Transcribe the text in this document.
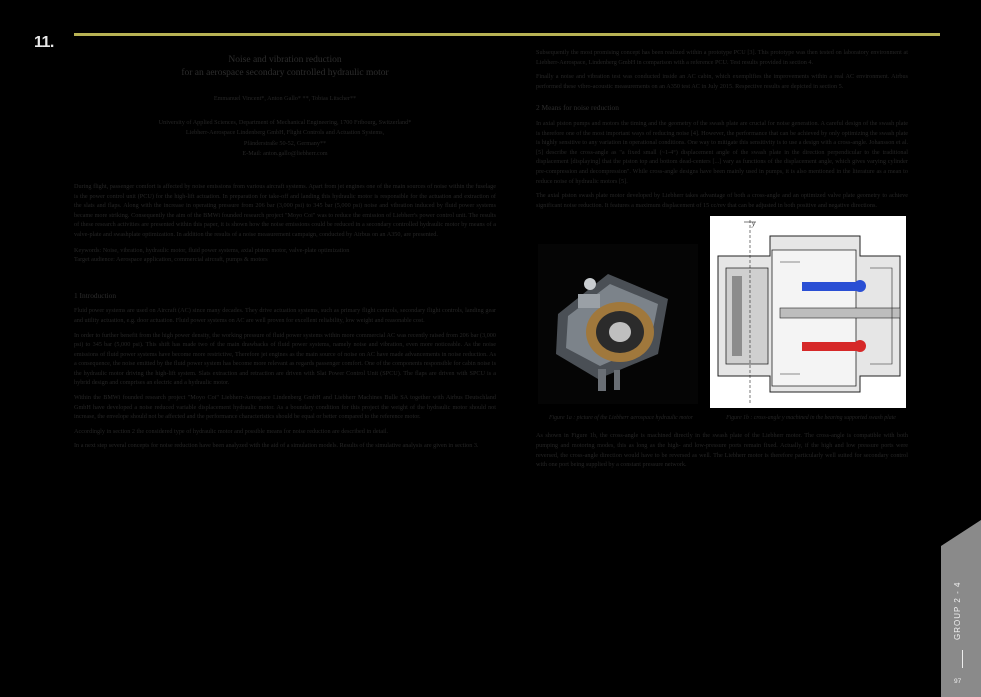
11.
Noise and vibration reduction
for an aerospace secondary controlled hydraulic motor
Emmanuel Vincent*, Anton Gallo* **, Tobias Litscher**
University of Applied Sciences, Department of Mechanical Engineering, 1700 Fribourg, Switzerland*
Liebherr-Aerospace Lindenberg GmbH, Flight Controls and Actuation Systems,
Pfänderstraße 50-52, Germany**
E-Mail: anton.gallo@liebherr.com
During flight, passenger comfort is affected by noise emissions from various aircraft systems. Apart from jet engines one of the main sources of noise within the fuselage is the power control unit (PCU) for the high-lift actuation. In preparation for take-off and landing this hydraulic motor is responsible for the actuation and extraction of the slats and flaps. Along with the increase in operating pressure from 206 bar (3,000 psi) to 345 bar (5,000 psi) noise and vibration induced by fluid power systems became more striking. Consequently the aim of the BMWi founded research project "Moyo Coi" was to reduce the emission of Liebherr's power control unit. The results of these research activities are presented within this paper, it is shown how the noise emissions could be reduced in a secondary controlled hydraulic motor by means of a valve-plate and swashplate optimization. In addition the results of a noise measurement campaign, conducted by Airbus on an A350, are presented.
Keywords: Noise, vibration, hydraulic motor, fluid power systems, axial piston motor, valve-plate optimization
Target audience: Aerospace application, commercial aircraft, pumps & motors
1 Introduction

Fluid power systems are used on Aircraft (AC) since many decades. They drive actuation systems, such as primary flight controls, secondary flight controls, landing gear and utility actuation, e.g. door actuation. Fluid power systems on AC are well proven for excellent reliability, low weight and reasonable cost.

In order to further benefit from the high power density, the working pressure of fluid power systems within more commercial AC was recently raised from 206 bar (3,000 psi) to 345 bar (5,000 psi). This shift has made two of the main drawbacks of fluid power systems, namely noise and vibration, even more noticeable. As the noise emissions of fluid power systems have become more restrictive, Therefore jet engines as the main source of noise on AC have made advancements in noise reduction. As a consequence, the noise emitted by the fluid power system has become more relevant as regards passenger comfort. One of the components responsible for cabin noise is the hydraulic motor driving the high-lift system. Slats extraction and retraction are driven with Slat Power Control Unit (SPCU). The flaps are driven with SPCU is a hybrid design and comprises an electric and a hydraulic motor.

Within the BMWi founded research project "Moyo Coi" Liebherr-Aerospace Lindenberg GmbH and Liebherr Machines Bulle SA together with Airbus Deutschland GmbH have developed a noise reduced variable displacement hydraulic motor. As a boundary condition for this project the weight of the hydraulic motor should not increase, the envelope should not be affected and the performance characteristics should be equal or better compared to the reference motor.

Accordingly in section 2 the considered type of hydraulic motor and possible means for noise reduction are described in detail.

In a next step several concepts for noise reduction have been analyzed with the aid of a simulation models. Results of the simulative analysis are given in section 3.

Subsequently the most promising concept has been realized within a prototype PCU [3]. This prototype was then tested on laboratory environment at Liebherr-Aerospace, Lindenberg GmbH in comparison with a reference PCU. Test results provided in section 4.

Finally a noise and vibration test was conducted inside an AC cabin, which exemplifies the improvements within a real AC environment. Airbus performed these vibro-acoustic measurements on an A350 test AC in July 2015. Respective results are depicted in section 5.

2 Means for noise reduction

In axial piston pumps and motors the timing and the geometry of the swash plate are crucial for noise generation. A careful design of the swash plate is therefore one of the most important ways of reducing noise [4]. However, the performance that can be achieved by only optimizing the swash plate is highly sensitive to any variation in operational conditions. One way to mitigate this sensitivity is to use a design with a cross-angle. Johansson et al. [5] describe the cross-angle as "a fixed small (~1-4°) displacement angle of the swash plate in the direction perpendicular to the traditional displacement [displaying] that the piston top and bottom dead-centers [...] vary as functions of the displacement angle, which gives varying cylinder pre-compression and decompression". While cross-angle designs have been mainly used in pumps, it is also mentioned in the literature as a mean to reduce noise of hydraulic motors [5].

The axial piston swash plate motor developed by Liebherr takes advantage of both a cross-angle and an optimized valve plate geometry to achieve significant noise reduction. It features a maximum displacement of 15 cc/rev that can be adjusted in both positive and negative directions.

y
Figure 1a : picture of the Liebherr aerospace hydraulic motor	Figure 1b : cross-angle y machined in the bearing supported swash plate

As shown in Figure 1b, the cross-angle is machined directly in the swash plate of the Liebherr motor. The cross-angle is compatible with both pumping and motoring modes, this as long as the high- and low-pressure ports remain fixed. Actually, if the high and low pressure ports were reversed, the cross-angle direction would have to be reversed as well. The Liebherr motor is therefore particularly well suited for secondary control with one port being supplied by a constant pressure network.

GROUP 2 - 4
97
